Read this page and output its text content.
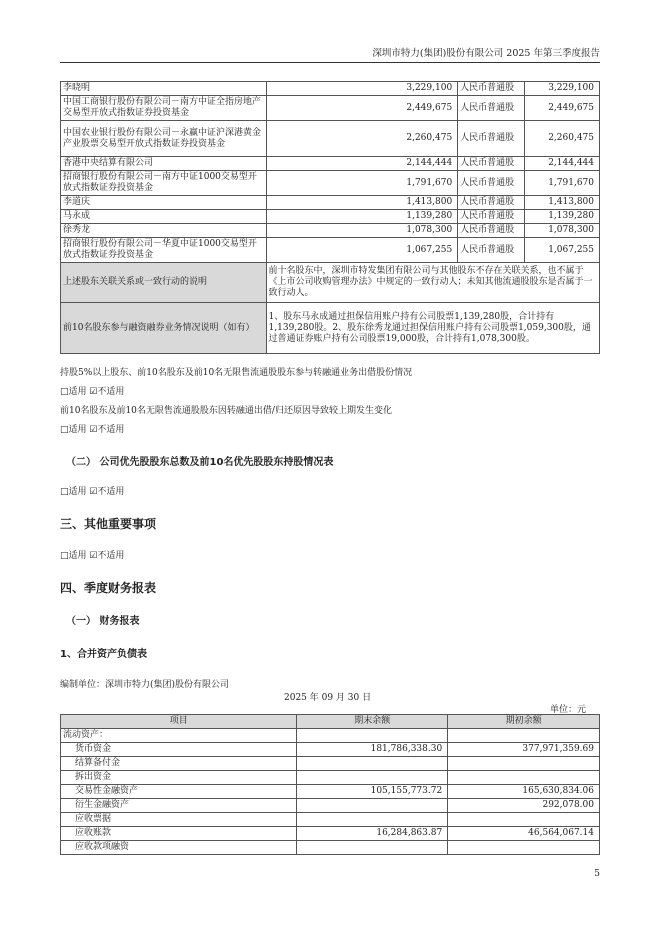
深圳市特力(集团)股份有限公司 2025 年第三季度报告
李晓明	3,229,100	人民币普通股	3,229,100
中国工商银行股份有限公司－南方中证全指房地产交易型开放式指数证券投资基金	2,449,675	人民币普通股	2,449,675
中国农业银行股份有限公司－永赢中证沪深港黄金产业股票交易型开放式指数证券投资基金	2,260,475	人民币普通股	2,260,475
香港中央结算有限公司	2,144,444	人民币普通股	2,144,444
招商银行股份有限公司－南方中证1000交易型开放式指数证券投资基金	1,791,670	人民币普通股	1,791,670
李道庆	1,413,800	人民币普通股	1,413,800
马永成	1,139,280	人民币普通股	1,139,280
徐秀龙	1,078,300	人民币普通股	1,078,300
招商银行股份有限公司－华夏中证1000交易型开放式指数证券投资基金	1,067,255	人民币普通股	1,067,255
上述股东关联关系或一致行动的说明	前十名股东中，深圳市特发集团有限公司与其他股东不存在关联关系，也不属于《上市公司收购管理办法》中规定的一致行动人；未知其他流通股股东是否属于一致行动人。		
前10名股东参与融资融券业务情况说明（如有）	1、股东马永成通过担保信用账户持有公司股票1,139,280股，合计持有1,139,280股。2、股东徐秀龙通过担保信用账户持有公司股票1,059,300股，通过普通证券账户持有公司股票19,000股，合计持有1,078,300股。		
持股5%以上股东、前10名股东及前10名无限售流通股股东参与转融通业务出借股份情况
□适用 ☑不适用
前10名股东及前10名无限售流通股股东因转融通出借/归还原因导致较上期发生变化
□适用 ☑不适用
（二） 公司优先股股东总数及前10名优先股股东持股情况表
□适用 ☑不适用
三、其他重要事项
□适用 ☑不适用
四、季度财务报表
（一） 财务报表
1、合并资产负债表
编制单位：深圳市特力(集团)股份有限公司
2025 年 09 月 30 日
单位：元
项目	期末余额	期初余额
流动资产：		
货币资金	181,786,338.30	377,971,359.69
结算备付金		
拆出资金		
交易性金融资产	105,155,773.72	165,630,834.06
衍生金融资产		292,078.00
应收票据		
应收账款	16,284,863.87	46,564,067.14
应收款项融资		
5
